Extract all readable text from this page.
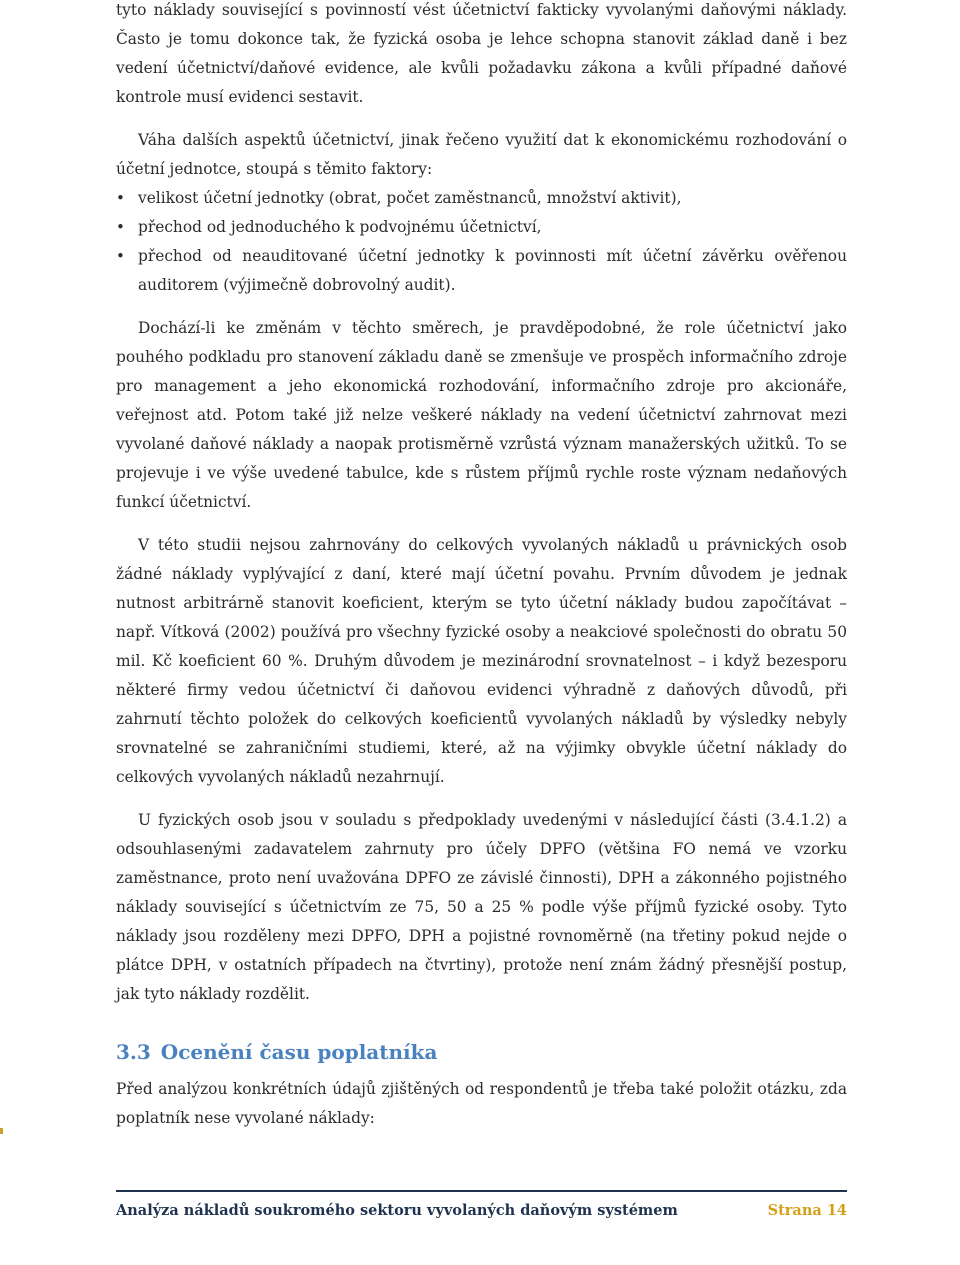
tyto náklady související s povinností vést účetnictví fakticky vyvolanými daňovými náklady. Často je tomu dokonce tak, že fyzická osoba je lehce schopna stanovit základ daně i bez vedení účetnictví/daňové evidence, ale kvůli požadavku zákona a kvůli případné daňové kontrole musí evidenci sestavit.

Váha dalších aspektů účetnictví, jinak řečeno využití dat k ekonomickému rozhodování o účetní jednotce, stoupá s těmito faktory:

• velikost účetní jednotky (obrat, počet zaměstnanců, množství aktivit),
• přechod od jednoduchého k podvojnému účetnictví,
• přechod od neauditované účetní jednotky k povinnosti mít účetní závěrku ověřenou auditorem (výjimečně dobrovolný audit).

Dochází-li ke změnám v těchto směrech, je pravděpodobné, že role účetnictví jako pouhého podkladu pro stanovení základu daně se zmenšuje ve prospěch informačního zdroje pro management a jeho ekonomická rozhodování, informačního zdroje pro akcionáře, veřejnost atd. Potom také již nelze veškeré náklady na vedení účetnictví zahrnovat mezi vyvolané daňové náklady a naopak protisměrně vzrůstá význam manažerských užitků. To se projevuje i ve výše uvedené tabulce, kde s růstem příjmů rychle roste význam nedaňových funkcí účetnictví.

V této studii nejsou zahrnovány do celkových vyvolaných nákladů u právnických osob žádné náklady vyplývající z daní, které mají účetní povahu. Prvním důvodem je jednak nutnost arbitrárně stanovit koeficient, kterým se tyto účetní náklady budou započítávat – např. Vítková (2002) používá pro všechny fyzické osoby a neakciové společnosti do obratu 50 mil. Kč koeficient 60 %. Druhým důvodem je mezinárodní srovnatelnost – i když bezesporu některé firmy vedou účetnictví či daňovou evidenci výhradně z daňových důvodů, při zahrnutí těchto položek do celkových koeficientů vyvolaných nákladů by výsledky nebyly srovnatelné se zahraničními studiemi, které, až na výjimky obvykle účetní náklady do celkových vyvolaných nákladů nezahrnují.

U fyzických osob jsou v souladu s předpoklady uvedenými v následující části (3.4.1.2) a odsouhlasenými zadavatelem zahrnuty pro účely DPFO (většina FO nemá ve vzorku zaměstnance, proto není uvažována DPFO ze závislé činnosti), DPH a zákonného pojistného náklady související s účetnictvím ze 75, 50 a 25 % podle výše příjmů fyzické osoby. Tyto náklady jsou rozděleny mezi DPFO, DPH a pojistné rovnoměrně (na třetiny pokud nejde o plátce DPH, v ostatních případech na čtvrtiny), protože není znám žádný přesnější postup, jak tyto náklady rozdělit.

3.3 Ocenění času poplatníka

Před analýzou konkrétních údajů zjištěných od respondentů je třeba také položit otázku, zda poplatník nese vyvolané náklady:

Analýza nákladů soukromého sektoru vyvolaných daňovým systémem	Strana 14
